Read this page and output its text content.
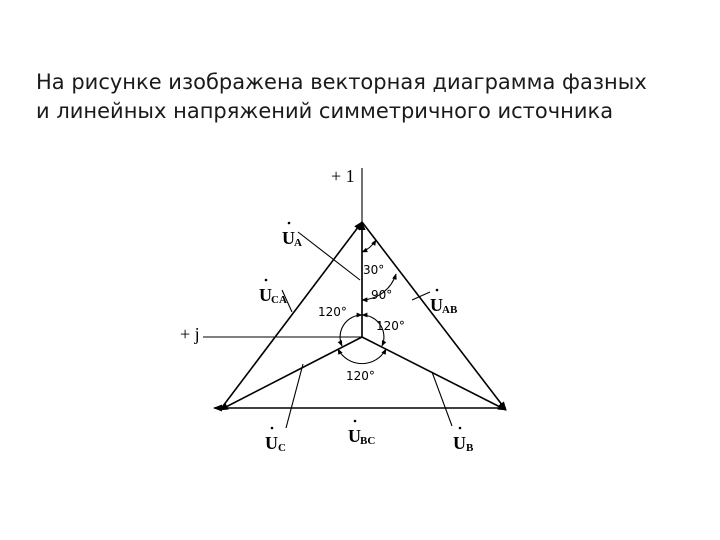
На рисунке изображена векторная диаграмма фазных
и линейных напряжений симметричного источника
+ 1
+ j
U A
U CA	U AB
U BC
U C	U B
30°
90°
120°
120°
120°
